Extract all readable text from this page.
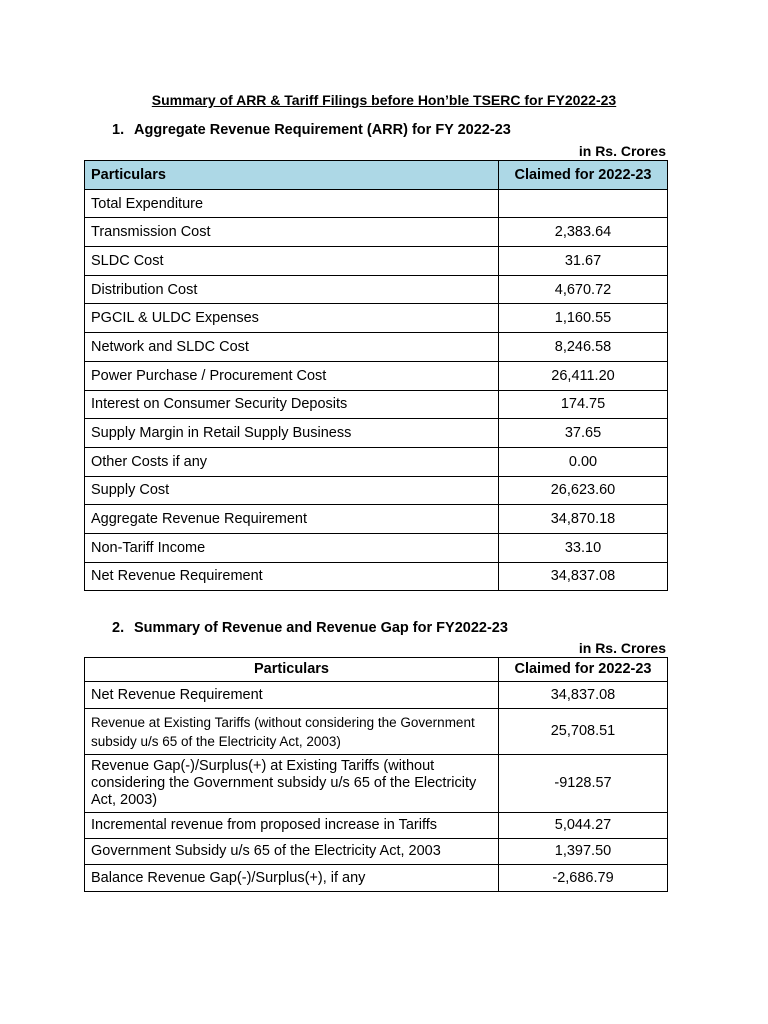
Summary of ARR & Tariff Filings before Hon’ble TSERC for FY2022-23
1. Aggregate Revenue Requirement (ARR) for FY 2022-23
in Rs. Crores
Particulars	Claimed for 2022-23
Total Expenditure	
Transmission Cost	2,383.64
SLDC Cost	31.67
Distribution Cost	4,670.72
PGCIL & ULDC Expenses	1,160.55
Network and SLDC Cost	8,246.58
Power Purchase / Procurement Cost	26,411.20
Interest on Consumer Security Deposits	174.75
Supply Margin in Retail Supply Business	37.65
Other Costs if any	0.00
Supply Cost	26,623.60
Aggregate Revenue Requirement	34,870.18
Non-Tariff Income	33.10
Net Revenue Requirement	34,837.08
2. Summary of Revenue and Revenue Gap for FY2022-23
in Rs. Crores
Particulars	Claimed for 2022-23
Net Revenue Requirement	34,837.08
Revenue at Existing Tariffs (without considering the Government subsidy u/s 65 of the Electricity Act, 2003)	25,708.51
Revenue Gap(-)/Surplus(+) at Existing Tariffs (without considering the Government subsidy u/s 65 of the Electricity Act, 2003)	-9128.57
Incremental revenue from proposed increase in Tariffs	5,044.27
Government Subsidy u/s 65 of the Electricity Act, 2003	1,397.50
Balance Revenue Gap(-)/Surplus(+), if any	-2,686.79
